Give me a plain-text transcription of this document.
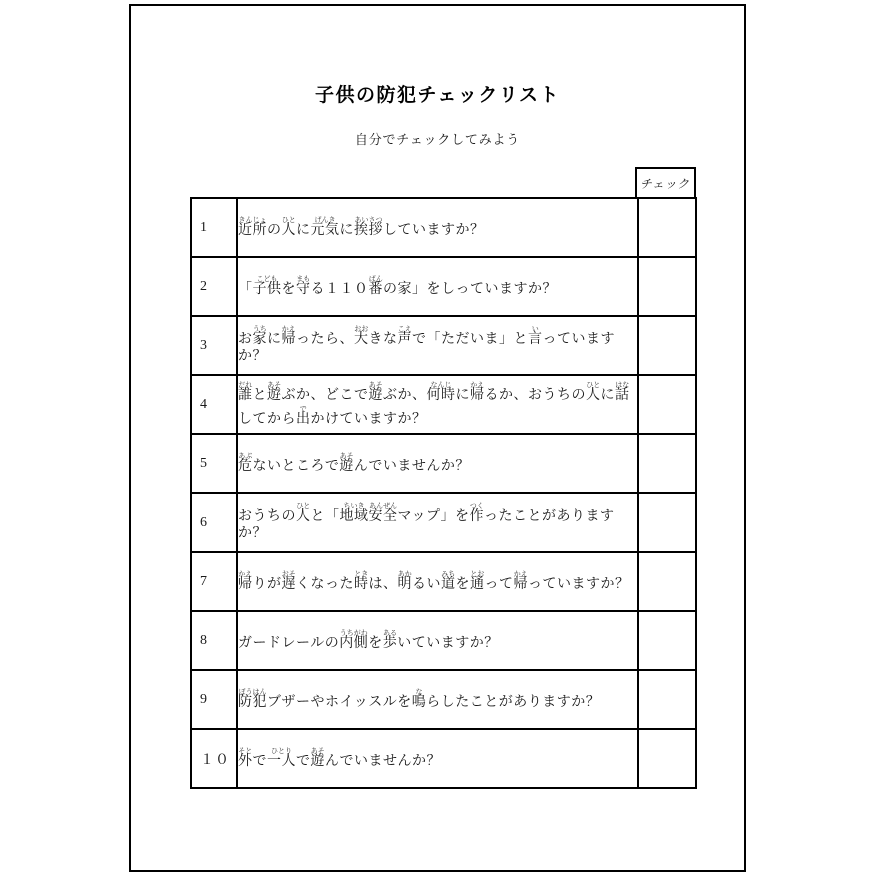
子供の防犯チェックリスト
自分でチェックしてみよう
チェック
1	近所きんじょの人ひとに元気げんきに挨拶あいさつしていますか？	

2	「子供こどもを守まもる１１０番ばんの家」をしっていますか？	

3	お家うちに帰かえったら、大おおきな声こえで「ただいま」と言いっています
か？	

4	誰だれと遊あそぶか、どこで遊あそぶか、何時なんじに帰かえるか、おうちの人ひとに話はな
してから出でかけていますか？	

5	危あぶないところで遊あそんでいませんか？	

6	おうちの人ひとと「地域ちいき安全あんぜんマップ」を作つくったことがあります
か？	

7	帰かえりが遅おそくなった時ときは、明あかるい道みちを通とおって帰かえっていますか？	

8	ガードレールの内側うちがわを歩あるいていますか？	

9	防犯ぼうはんブザーやホイッスルを鳴ならしたことがありますか？	

１０	外そとで一人ひとりで遊あそんでいませんか？	
